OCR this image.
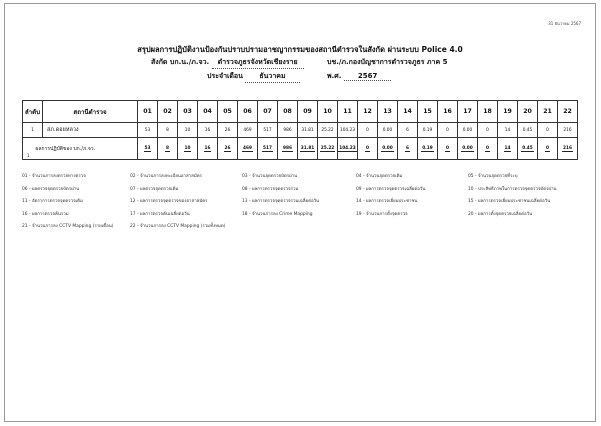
31 ธันวาคม 2567
สรุปผลการปฏิบัติงานป้องกันปราบปรามอาชญากรรมของสถานีตำรวจในสังกัด ผ่านระบบ Police 4.0
สังกัด บก.น./ภ.จว. ตำรวจภูธรจังหวัดเชียงราย	บช./ภ.กองบัญชาการตำรวจภูธร ภาค 5
ประจำเดือน ธันวาคม	พ.ศ. 2567
ลำดับ	สถานีตำรวจ	01	02	03	04	05	06	07	08	09	10	11	12	13	14	15	16	17	18	19	20	21	22
1	สภ.ดอยหลวง	53	8	10	16	26	469	517	986	31.81	25.22	104.23	0	0.00	6	0.19	0	0.00	0	14	0.45	0	216
1ผลการปฏิบัติของ บก./ภ.จว.		53	8	10	16	26	469	517	986	31.81	25.22	104.23	0	0.00	6	0.19	0	0.00	0	14	0.45	0	216
01 - จำนวนการลงตรวจทางตรวจ	02 - จำนวนการลงทะเบียนอาสาสมัคร	03 - จำนวนจุดตรวจบัตรผ่าน	04 - จำนวนจุดตรวจเดิม	05 - จำนวนจุดตรวจที่ระบุ
06 - ผลตรวจจุดตรวจบัตรผ่าน	07 - ผลตรวจจุดตรวจเดิม	08 - ผลการตรวจจุดตรวจรวม	09 - ผลการตรวจจุดตรวจเฉลี่ยต่อวัน	10 - ประสิทธิภาพในการตรวจจุดตรวจบัตรผ่าน
11 - อัตราการตรวจจุดตรวจเดิม	12 - ผลการตรวจจุดตรวจของอาสาสมัคร	13 - ผลการตรวจจุดตรวจรวมเฉลี่ยต่อวัน	14 - ผลการตรวจเยี่ยมประชาชน	15 - ผลการตรวจเยี่ยมประชาชนเฉลี่ยต่อวัน
16 - ผลการตรวจค้นรวม	17 - ผลการตรวจค้นเฉลี่ยต่อวัน	18 - จำนวนการลง Crime Mapping	19 - จำนวนการตั้งจุดตรวจ	20 - ผลการตั้งจุดตรวจเฉลี่ยต่อวัน
21 - จำนวนการลง CCTV Mapping (รายเดือน)	22 - จำนวนการลง CCTV Mapping (รวมทั้งหมด)
